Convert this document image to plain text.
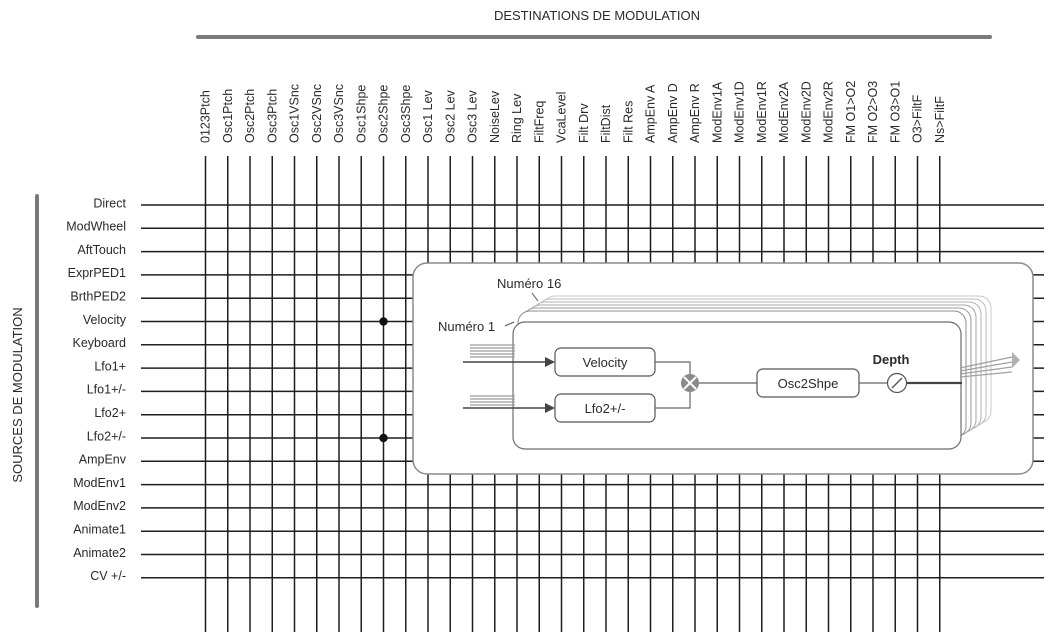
DESTINATIONS DE MODULATION
SOURCES DE MODULATION
0123Ptch Osc1Ptch Osc2Ptch Osc3Ptch Osc1VSnc Osc2VSnc Osc3VSnc Osc1Shpe Osc2Shpe Osc3Shpe Osc1 Lev Osc2 Lev Osc3 Lev NoiseLev Ring Lev FiltFreq VcaLevel Filt Drv FiltDist Filt Res AmpEnv A AmpEnv D AmpEnv R ModEnv1A ModEnv1D ModEnv1R ModEnv2A ModEnv2D ModEnv2R FM O1>O2 FM O2>O3 FM O3>O1 O3>FiltF Ns>FiltF
Direct
ModWheel
AftTouch
ExprPED1
BrthPED2
Velocity
Keyboard
Lfo1+
Lfo1+/-
Lfo2+
Lfo2+/-
AmpEnv
ModEnv1
ModEnv2
Animate1
Animate2
CV +/-
Numéro 16
Numéro 1
Velocity
Lfo2+/-
Osc2Shpe
Depth
